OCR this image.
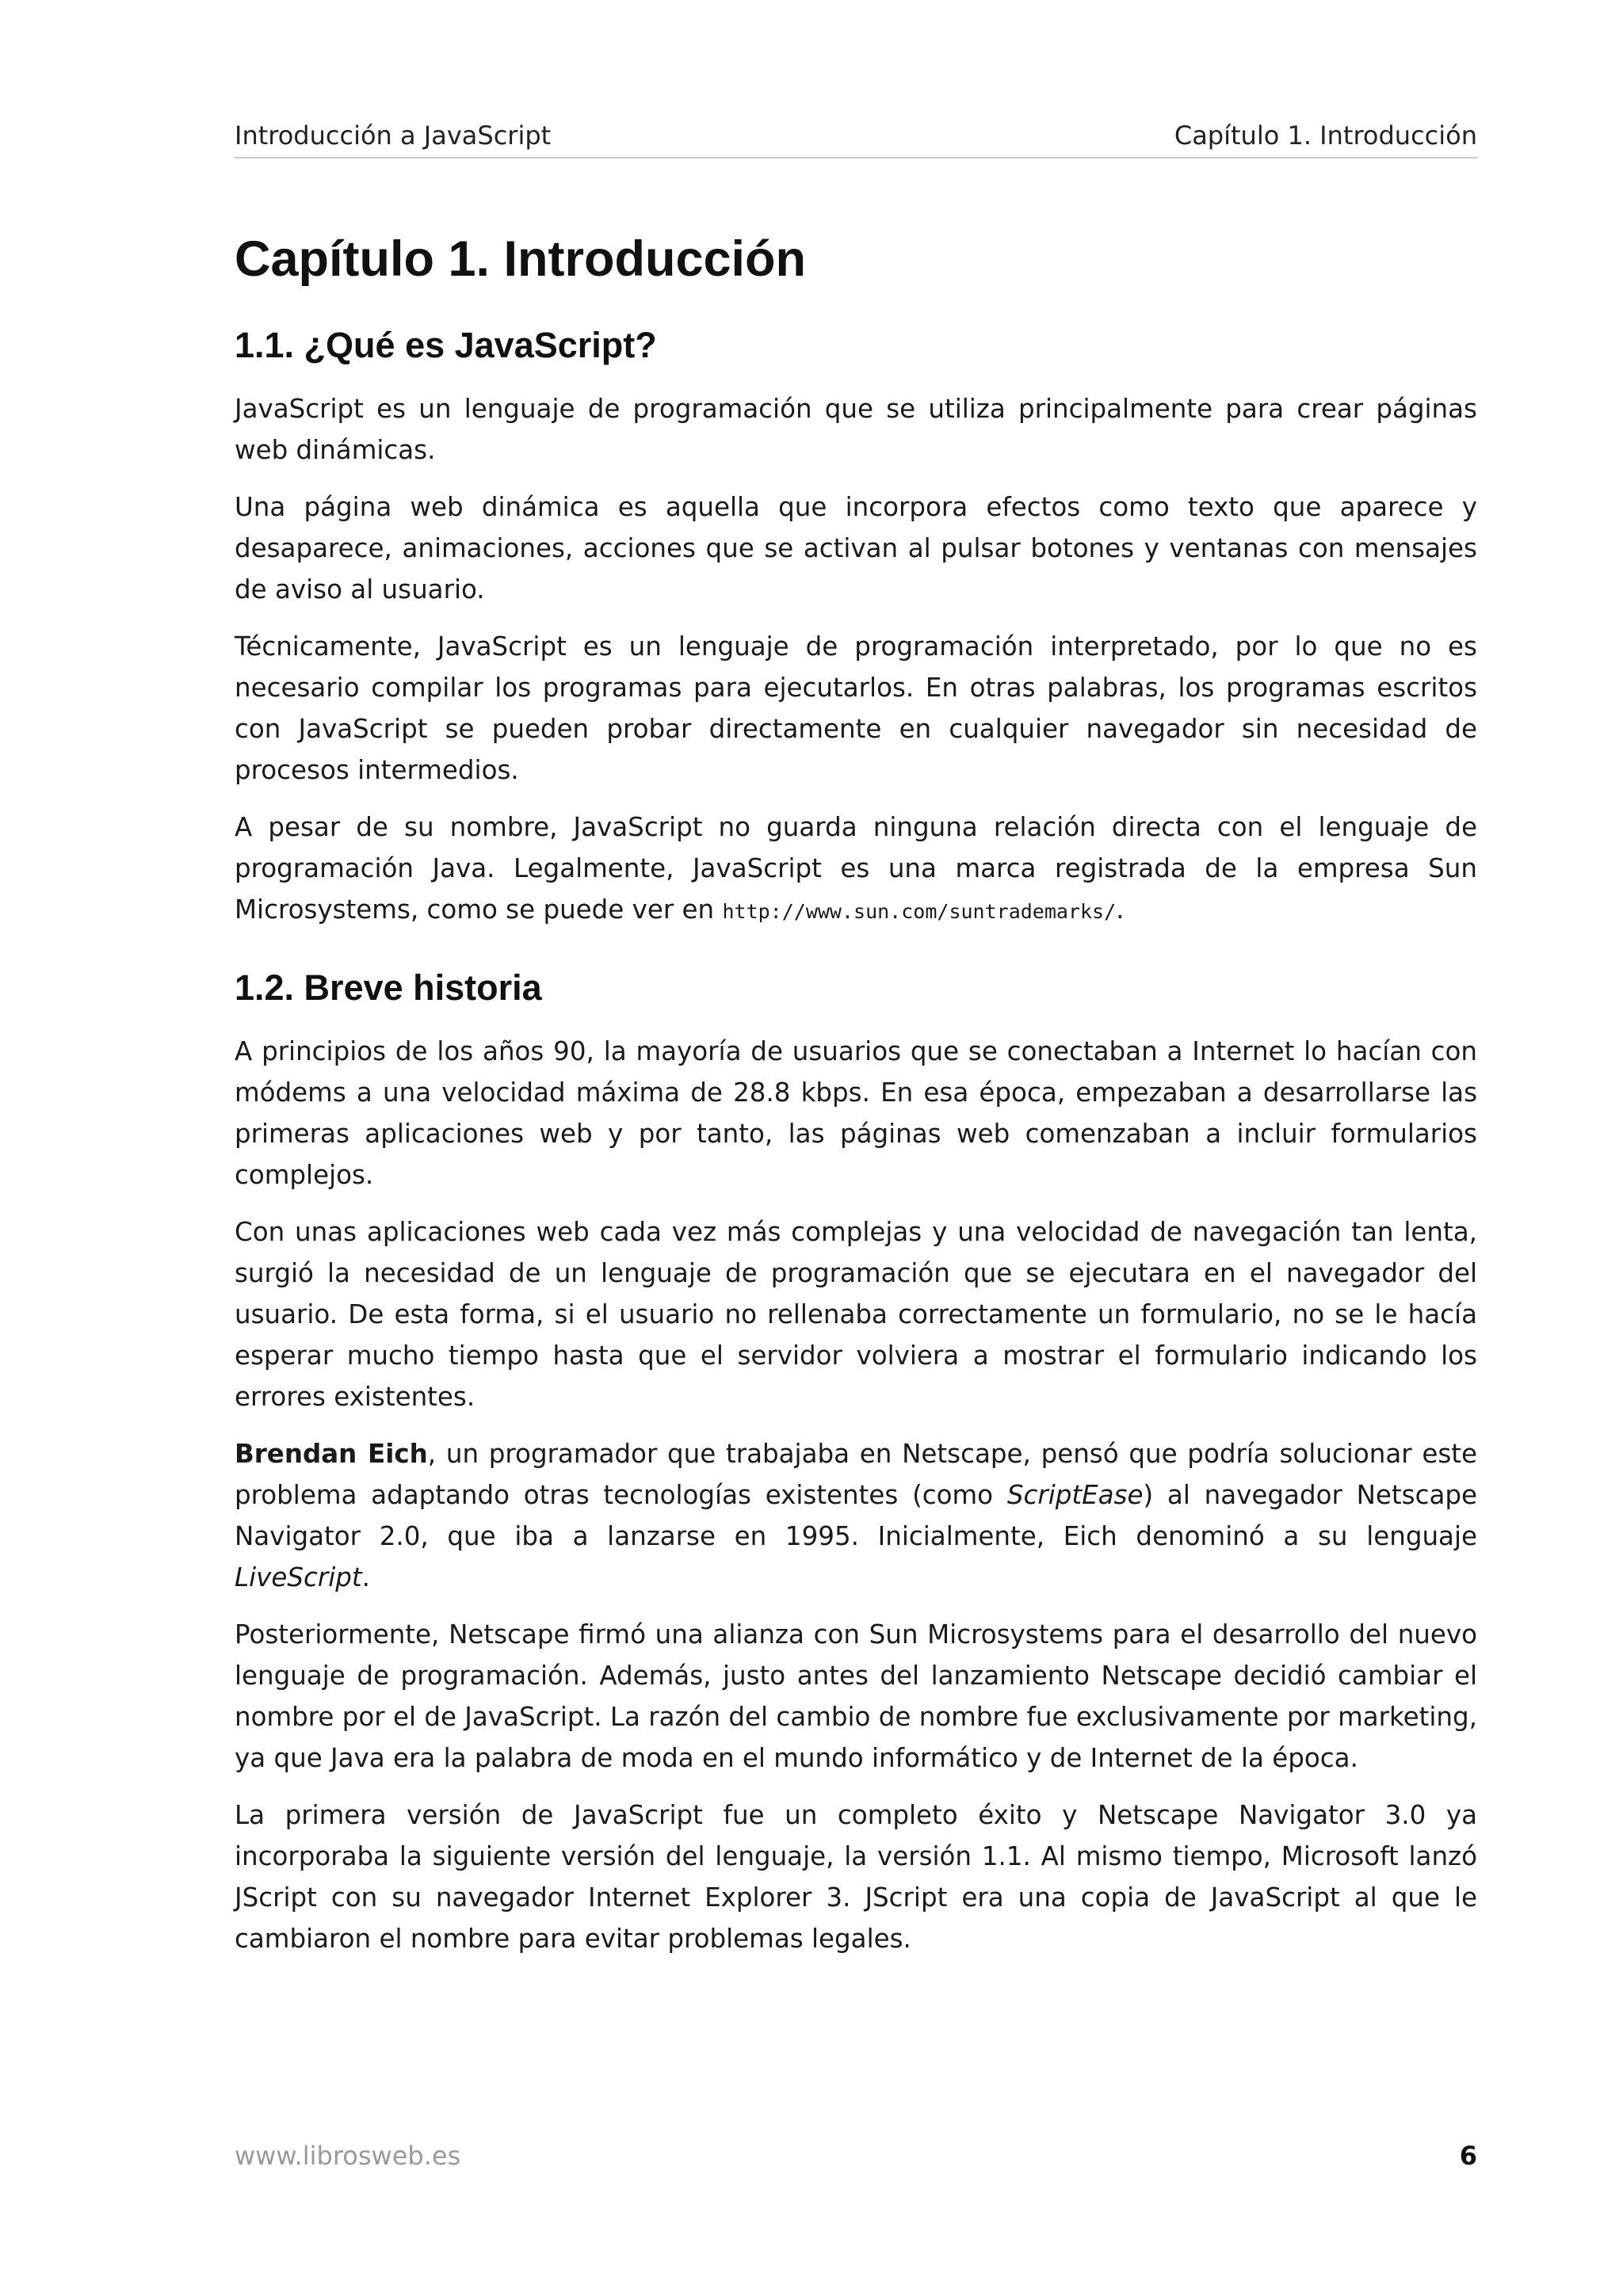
Introducción a JavaScript	Capítulo 1. Introducción
Capítulo 1. Introducción
1.1. ¿Qué es JavaScript?

JavaScript es un lenguaje de programación que se utiliza principalmente para crear páginas web dinámicas.

Una página web dinámica es aquella que incorpora efectos como texto que aparece y desaparece, animaciones, acciones que se activan al pulsar botones y ventanas con mensajes de aviso al usuario.

Técnicamente, JavaScript es un lenguaje de programación interpretado, por lo que no es necesario compilar los programas para ejecutarlos. En otras palabras, los programas escritos con JavaScript se pueden probar directamente en cualquier navegador sin necesidad de procesos intermedios.

A pesar de su nombre, JavaScript no guarda ninguna relación directa con el lenguaje de programación Java. Legalmente, JavaScript es una marca registrada de la empresa Sun Microsystems, como se puede ver en http://www.sun.com/suntrademarks/.

1.2. Breve historia

A principios de los años 90, la mayoría de usuarios que se conectaban a Internet lo hacían con módems a una velocidad máxima de 28.8 kbps. En esa época, empezaban a desarrollarse las primeras aplicaciones web y por tanto, las páginas web comenzaban a incluir formularios complejos.

Con unas aplicaciones web cada vez más complejas y una velocidad de navegación tan lenta, surgió la necesidad de un lenguaje de programación que se ejecutara en el navegador del usuario. De esta forma, si el usuario no rellenaba correctamente un formulario, no se le hacía esperar mucho tiempo hasta que el servidor volviera a mostrar el formulario indicando los errores existentes.

Brendan Eich, un programador que trabajaba en Netscape, pensó que podría solucionar este problema adaptando otras tecnologías existentes (como ScriptEase) al navegador Netscape Navigator 2.0, que iba a lanzarse en 1995. Inicialmente, Eich denominó a su lenguaje LiveScript.

Posteriormente, Netscape firmó una alianza con Sun Microsystems para el desarrollo del nuevo lenguaje de programación. Además, justo antes del lanzamiento Netscape decidió cambiar el nombre por el de JavaScript. La razón del cambio de nombre fue exclusivamente por marketing, ya que Java era la palabra de moda en el mundo informático y de Internet de la época.

La primera versión de JavaScript fue un completo éxito y Netscape Navigator 3.0 ya incorporaba la siguiente versión del lenguaje, la versión 1.1. Al mismo tiempo, Microsoft lanzó JScript con su navegador Internet Explorer 3. JScript era una copia de JavaScript al que le cambiaron el nombre para evitar problemas legales.

www.librosweb.es	6
